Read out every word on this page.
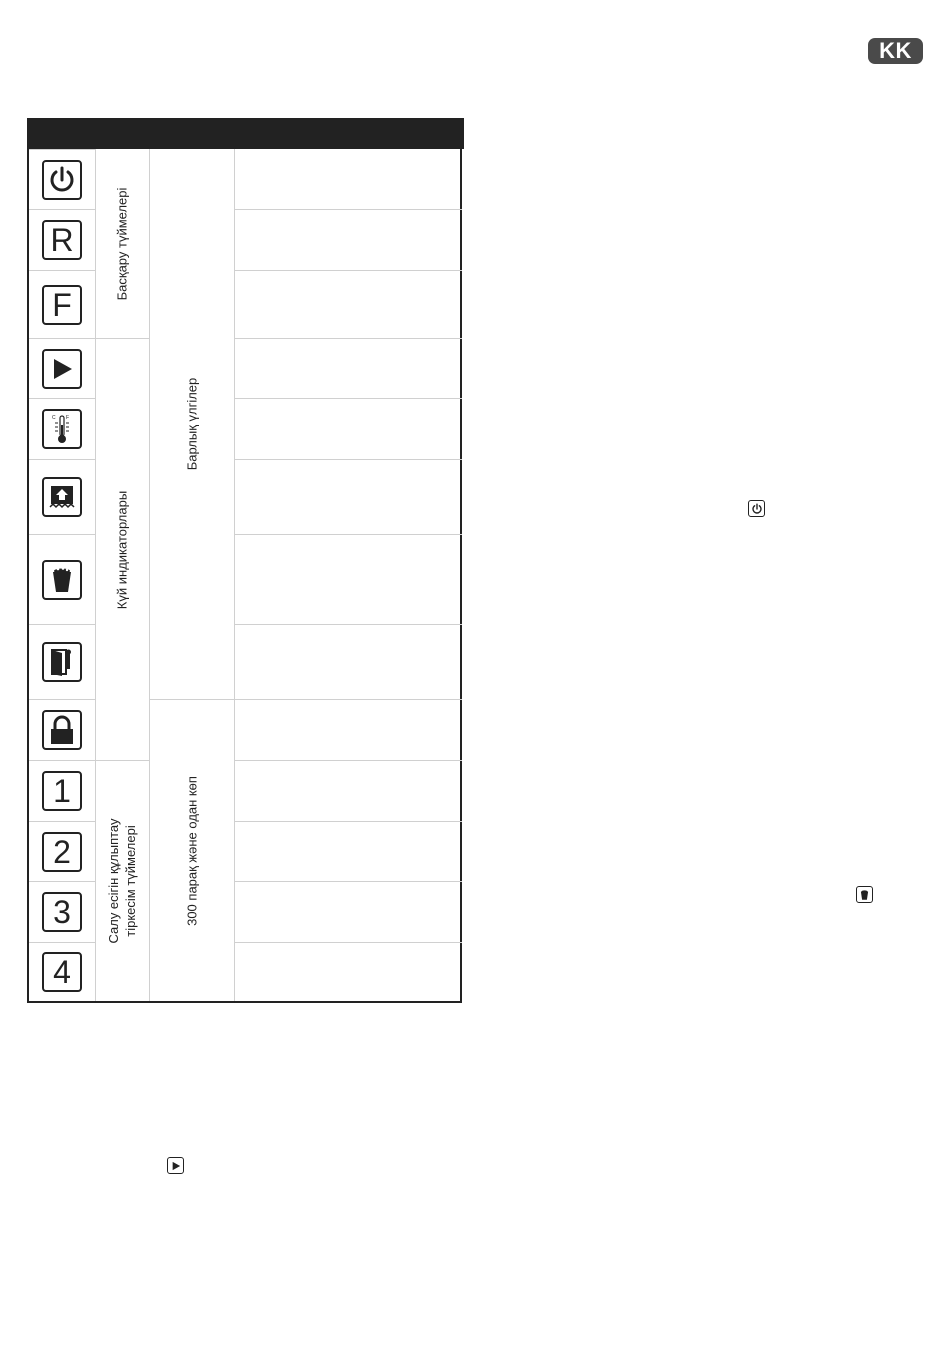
KK
R
F
C F
1
2
3
4
Басқару түймелері
Күй индикаторлары
Салу есігін құлыптау
тіркесім түймелері
Барлық үлгілер
300 парақ және одан көп
